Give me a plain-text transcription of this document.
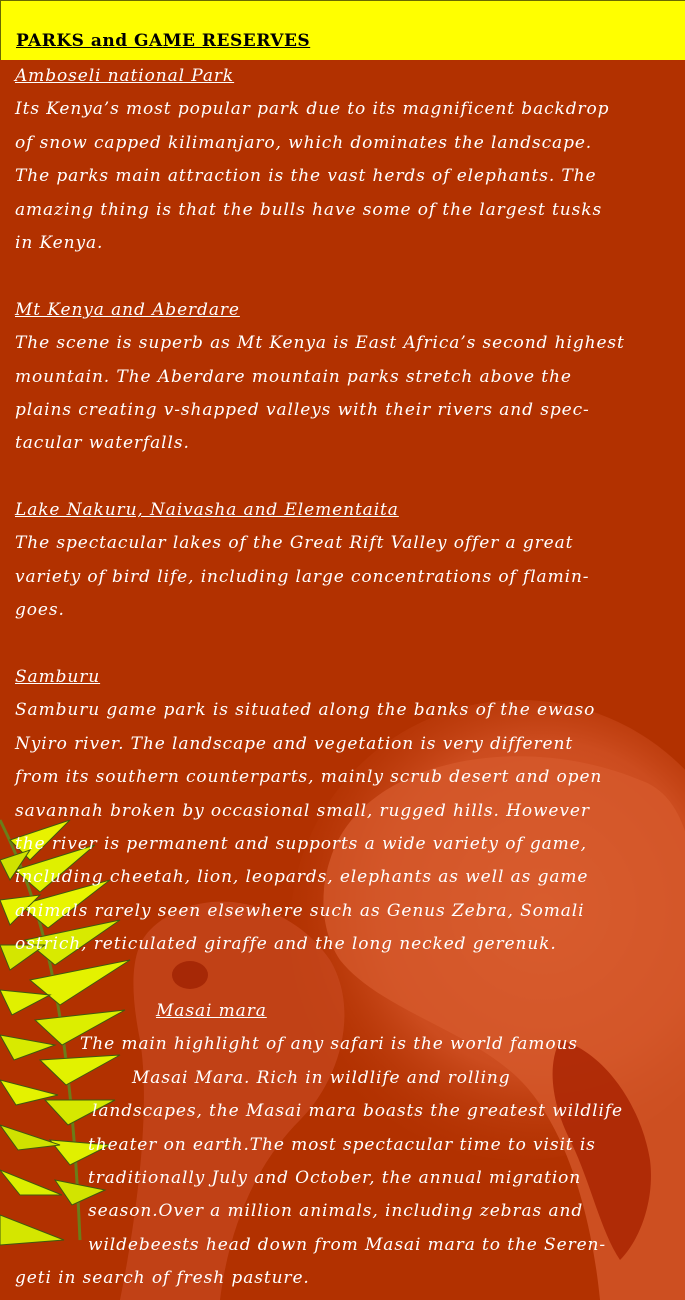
PARKS and GAME RESERVES
Amboseli national Park
Its Kenya’s most popular park due to its magnificent backdrop
of snow capped kilimanjaro, which dominates the landscape.
The parks main attraction is the vast herds of elephants. The
amazing thing is that the bulls have some of the largest tusks
in Kenya.
Mt Kenya and Aberdare
The scene is superb as Mt Kenya is East Africa’s second highest
mountain. The Aberdare mountain parks stretch above the
plains creating v-shapped valleys with their rivers and spec-
tacular waterfalls.
Lake Nakuru, Naivasha and Elementaita
The spectacular lakes of the Great Rift Valley offer a great
variety of bird life, including large concentrations of flamin-
goes.
Samburu
Samburu game park is situated along the banks of the ewaso
Nyiro river. The landscape and vegetation is very different
from its southern counterparts, mainly scrub desert and open
savannah broken by occasional small, rugged hills. However
the river is permanent and supports a wide variety of game,
including cheetah, lion, leopards, elephants as well as game
animals rarely seen elsewhere such as Genus Zebra, Somali
ostrich, reticulated giraffe and the long necked gerenuk.
Masai mara
The main highlight of any safari is the world famous
Masai Mara. Rich in wildlife and rolling
landscapes, the Masai mara boasts the greatest wildlife
theater on earth.The most spectacular time to visit is
traditionally July and October, the annual migration
season.Over a million animals, including zebras and
wildebeests head down from Masai mara to the Seren-
geti in search of fresh pasture.
